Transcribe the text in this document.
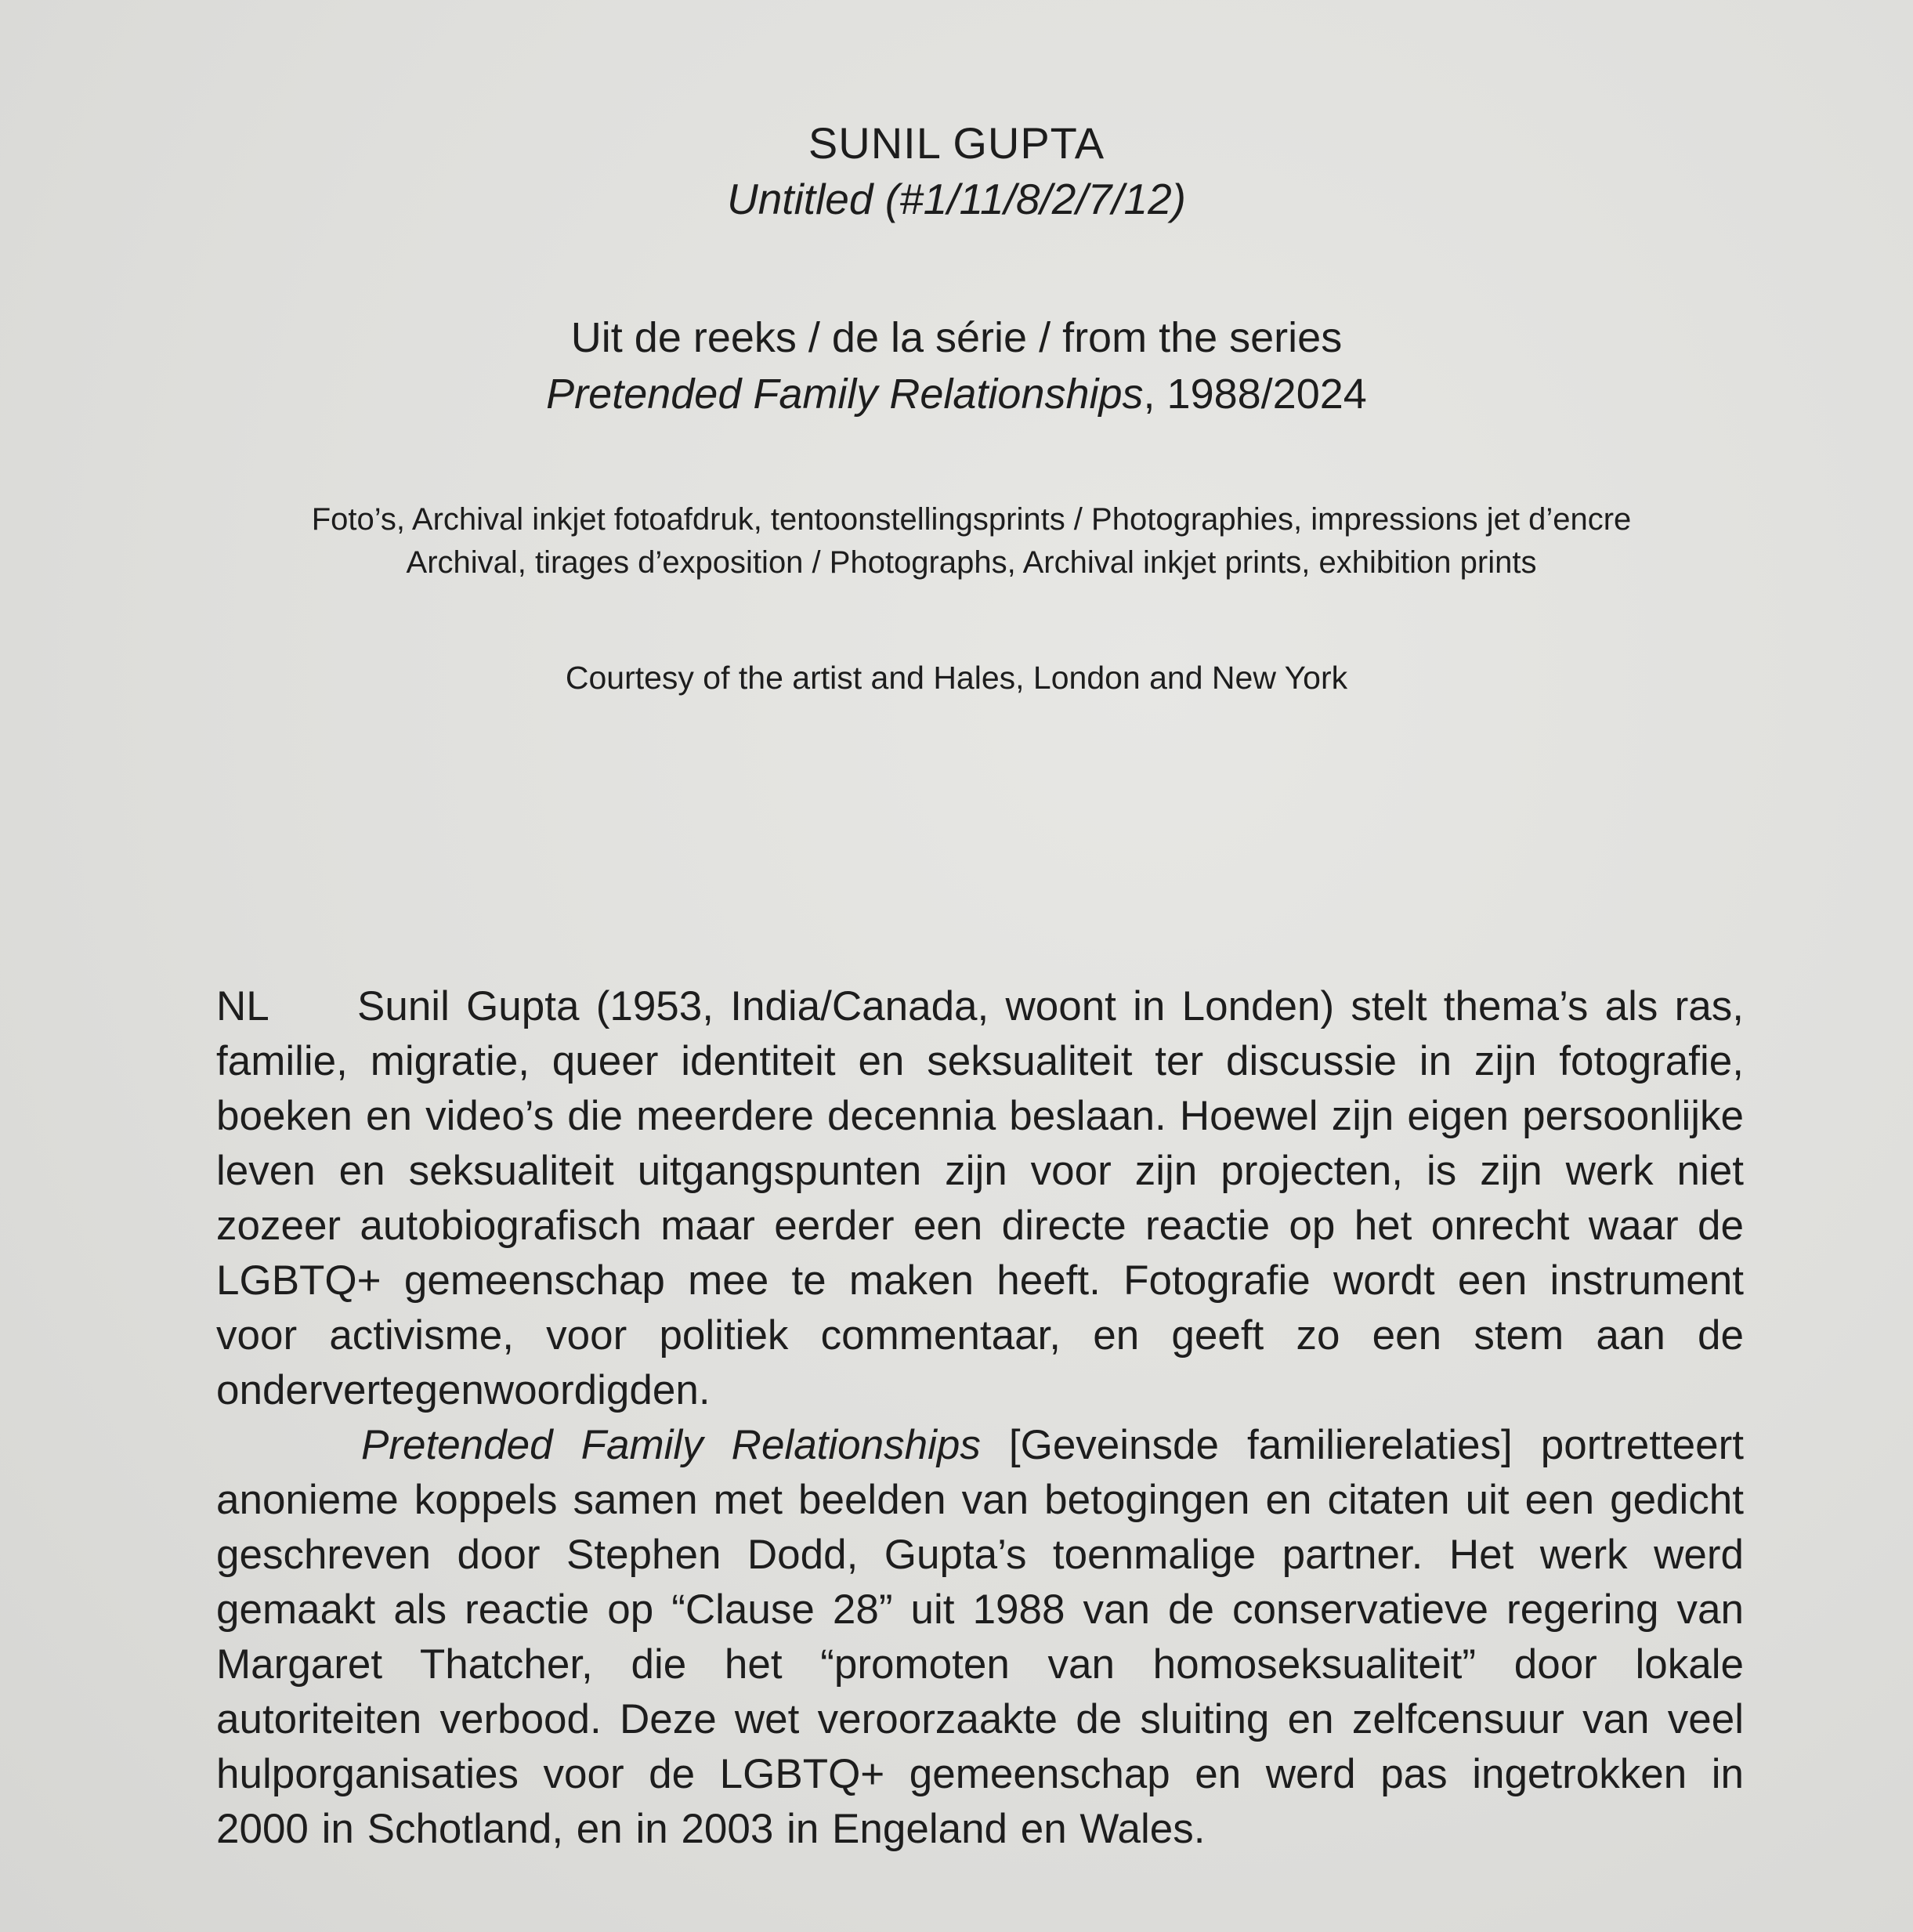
SUNIL GUPTA
Untitled (#1/11/8/2/7/12)
Uit de reeks / de la série / from the series
Pretended Family Relationships, 1988/2024
Foto’s, Archival inkjet fotoafdruk, tentoonstellingsprints / Photographies, impressions jet d’encre Archival, tirages d’exposition / Photographs, Archival inkjet prints, exhibition prints
Courtesy of the artist and Hales, London and New York

NL Sunil Gupta (1953, India/Canada, woont in Londen) stelt thema’s als ras, familie, migratie, queer identiteit en seksualiteit ter discussie in zijn fotografie, boeken en video’s die meerdere decennia beslaan. Hoewel zijn eigen persoonlijke leven en seksualiteit uitgangspunten zijn voor zijn projecten, is zijn werk niet zozeer autobiografisch maar eerder een directe reactie op het onrecht waar de LGBTQ+ gemeenschap mee te maken heeft. Fotografie wordt een instrument voor activisme, voor politiek commentaar, en geeft zo een stem aan de ondervertegenwoordigden.

Pretended Family Relationships [Geveinsde familierelaties] portretteert anonieme koppels samen met beelden van betogingen en citaten uit een gedicht geschreven door Stephen Dodd, Gupta’s toenmalige partner. Het werk werd gemaakt als reactie op “Clause 28” uit 1988 van de conservatieve regering van Margaret Thatcher, die het “promoten van homoseksualiteit” door lokale autoriteiten verbood. Deze wet veroorzaakte de sluiting en zelfcensuur van veel hulporganisaties voor de LGBTQ+ gemeenschap en werd pas ingetrokken in 2000 in Schotland, en in 2003 in Engeland en Wales.
